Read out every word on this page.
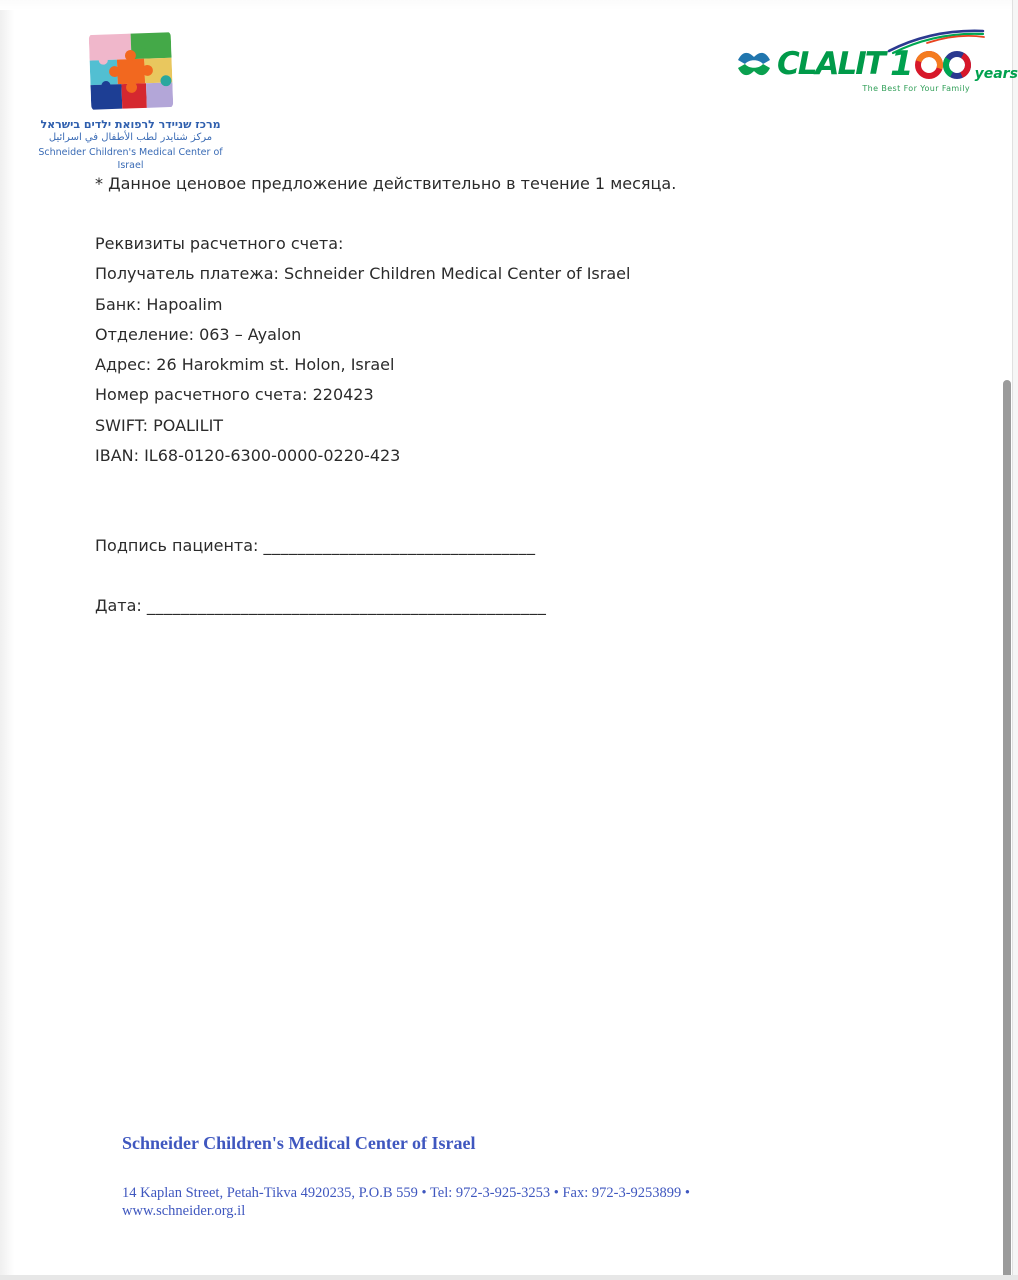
מרכז שניידר לרפואת ילדים בישראל
مركز شنايدر لطب الأطفال في اسرائيل
Schneider Children's Medical Center of Israel
CLALIT 1	years
The Best For Your Family

* Данное ценовое предложение действительно в течение 1 месяца.

Реквизиты расчетного счета:

Получатель платежа: Schneider Children Medical Center of Israel

Банк: Hapoalim

Отделение: 063 – Ayalon

Адрес: 26 Harokmim st. Holon, Israel

Номер расчетного счета: 220423

SWIFT: POALILIT

IBAN: IL68-0120-6300-0000-0220-423

Подпись пациента: ________________________________

Дата: _______________________________________________

Schneider Children's Medical Center of Israel
14 Kaplan Street, Petah-Tikva 4920235, P.O.B 559 • Tel: 972-3-925-3253 • Fax: 972-3-9253899 • www.schneider.org.il
